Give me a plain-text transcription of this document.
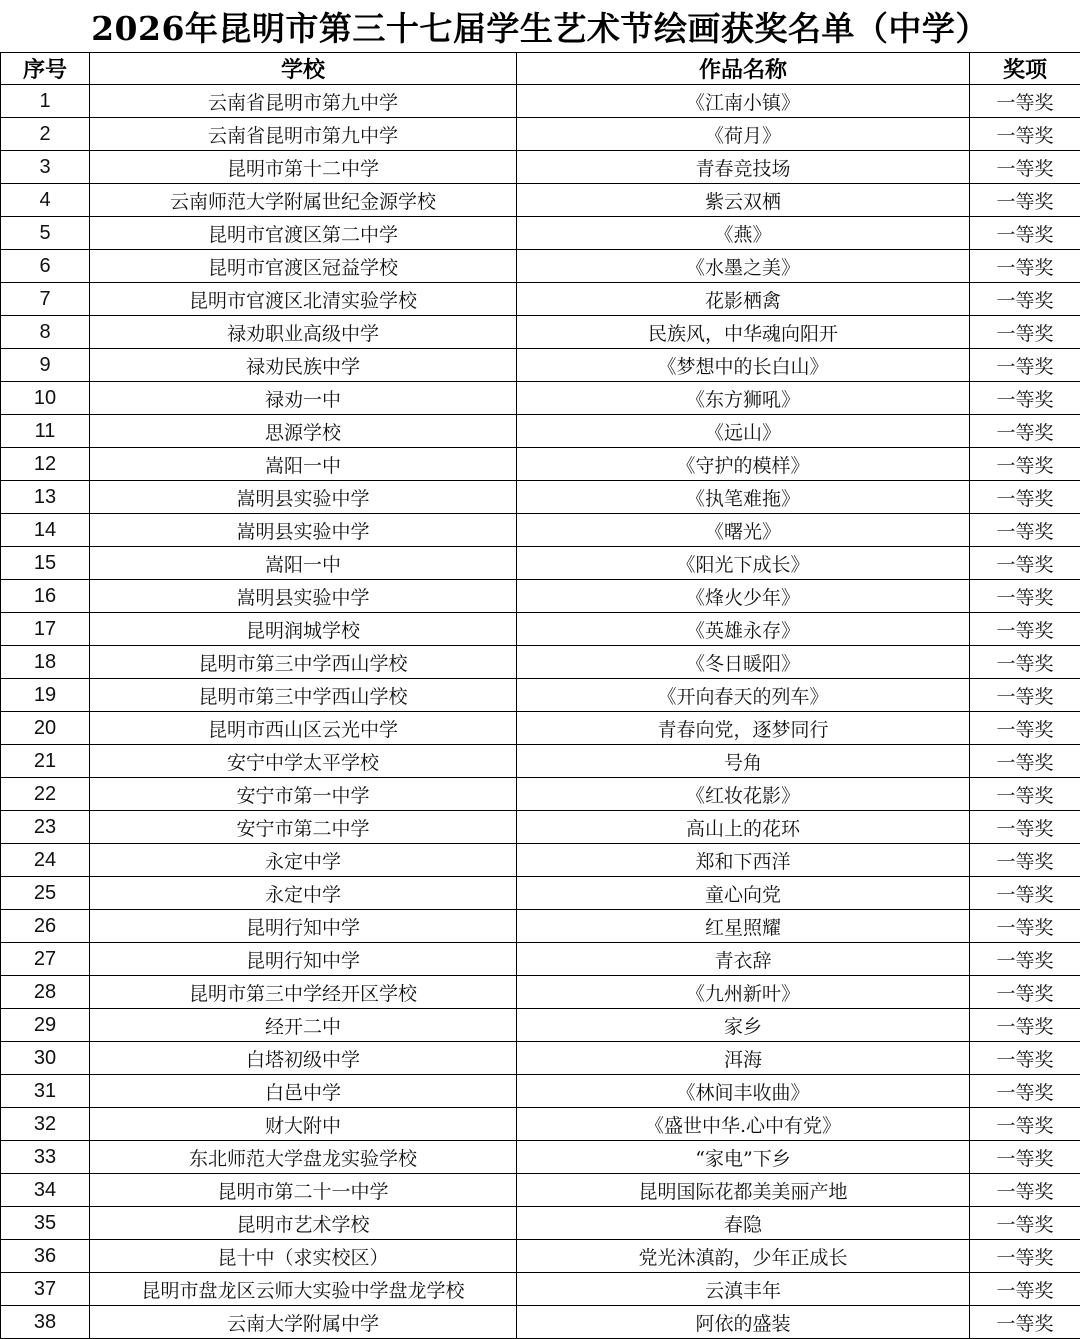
2026年昆明市第三十七届学生艺术节绘画获奖名单（中学）
序号	学校	作品名称	奖项
1	云南省昆明市第九中学	《江南小镇》	一等奖
2	云南省昆明市第九中学	《荷月》	一等奖
3	昆明市第十二中学	青春竞技场	一等奖
4	云南师范大学附属世纪金源学校	紫云双栖	一等奖
5	昆明市官渡区第二中学	《燕》	一等奖
6	昆明市官渡区冠益学校	《水墨之美》	一等奖
7	昆明市官渡区北清实验学校	花影栖禽	一等奖
8	禄劝职业高级中学	民族风，中华魂向阳开	一等奖
9	禄劝民族中学	《梦想中的长白山》	一等奖
10	禄劝一中	《东方狮吼》	一等奖
11	思源学校	《远山》	一等奖
12	嵩阳一中	《守护的模样》	一等奖
13	嵩明县实验中学	《执笔难拖》	一等奖
14	嵩明县实验中学	《曙光》	一等奖
15	嵩阳一中	《阳光下成长》	一等奖
16	嵩明县实验中学	《烽火少年》	一等奖
17	昆明润城学校	《英雄永存》	一等奖
18	昆明市第三中学西山学校	《冬日暖阳》	一等奖
19	昆明市第三中学西山学校	《开向春天的列车》	一等奖
20	昆明市西山区云光中学	青春向党，逐梦同行	一等奖
21	安宁中学太平学校	号角	一等奖
22	安宁市第一中学	《红妆花影》	一等奖
23	安宁市第二中学	高山上的花环	一等奖
24	永定中学	郑和下西洋	一等奖
25	永定中学	童心向党	一等奖
26	昆明行知中学	红星照耀	一等奖
27	昆明行知中学	青衣辞	一等奖
28	昆明市第三中学经开区学校	《九州新叶》	一等奖
29	经开二中	家乡	一等奖
30	白塔初级中学	洱海	一等奖
31	白邑中学	《林间丰收曲》	一等奖
32	财大附中	《盛世中华.心中有党》	一等奖
33	东北师范大学盘龙实验学校	“家电”下乡	一等奖
34	昆明市第二十一中学	昆明国际花都美美丽产地	一等奖
35	昆明市艺术学校	春隐	一等奖
36	昆十中（求实校区）	党光沐滇韵，少年正成长	一等奖
37	昆明市盘龙区云师大实验中学盘龙学校	云滇丰年	一等奖
38	云南大学附属中学	阿依的盛装	一等奖
